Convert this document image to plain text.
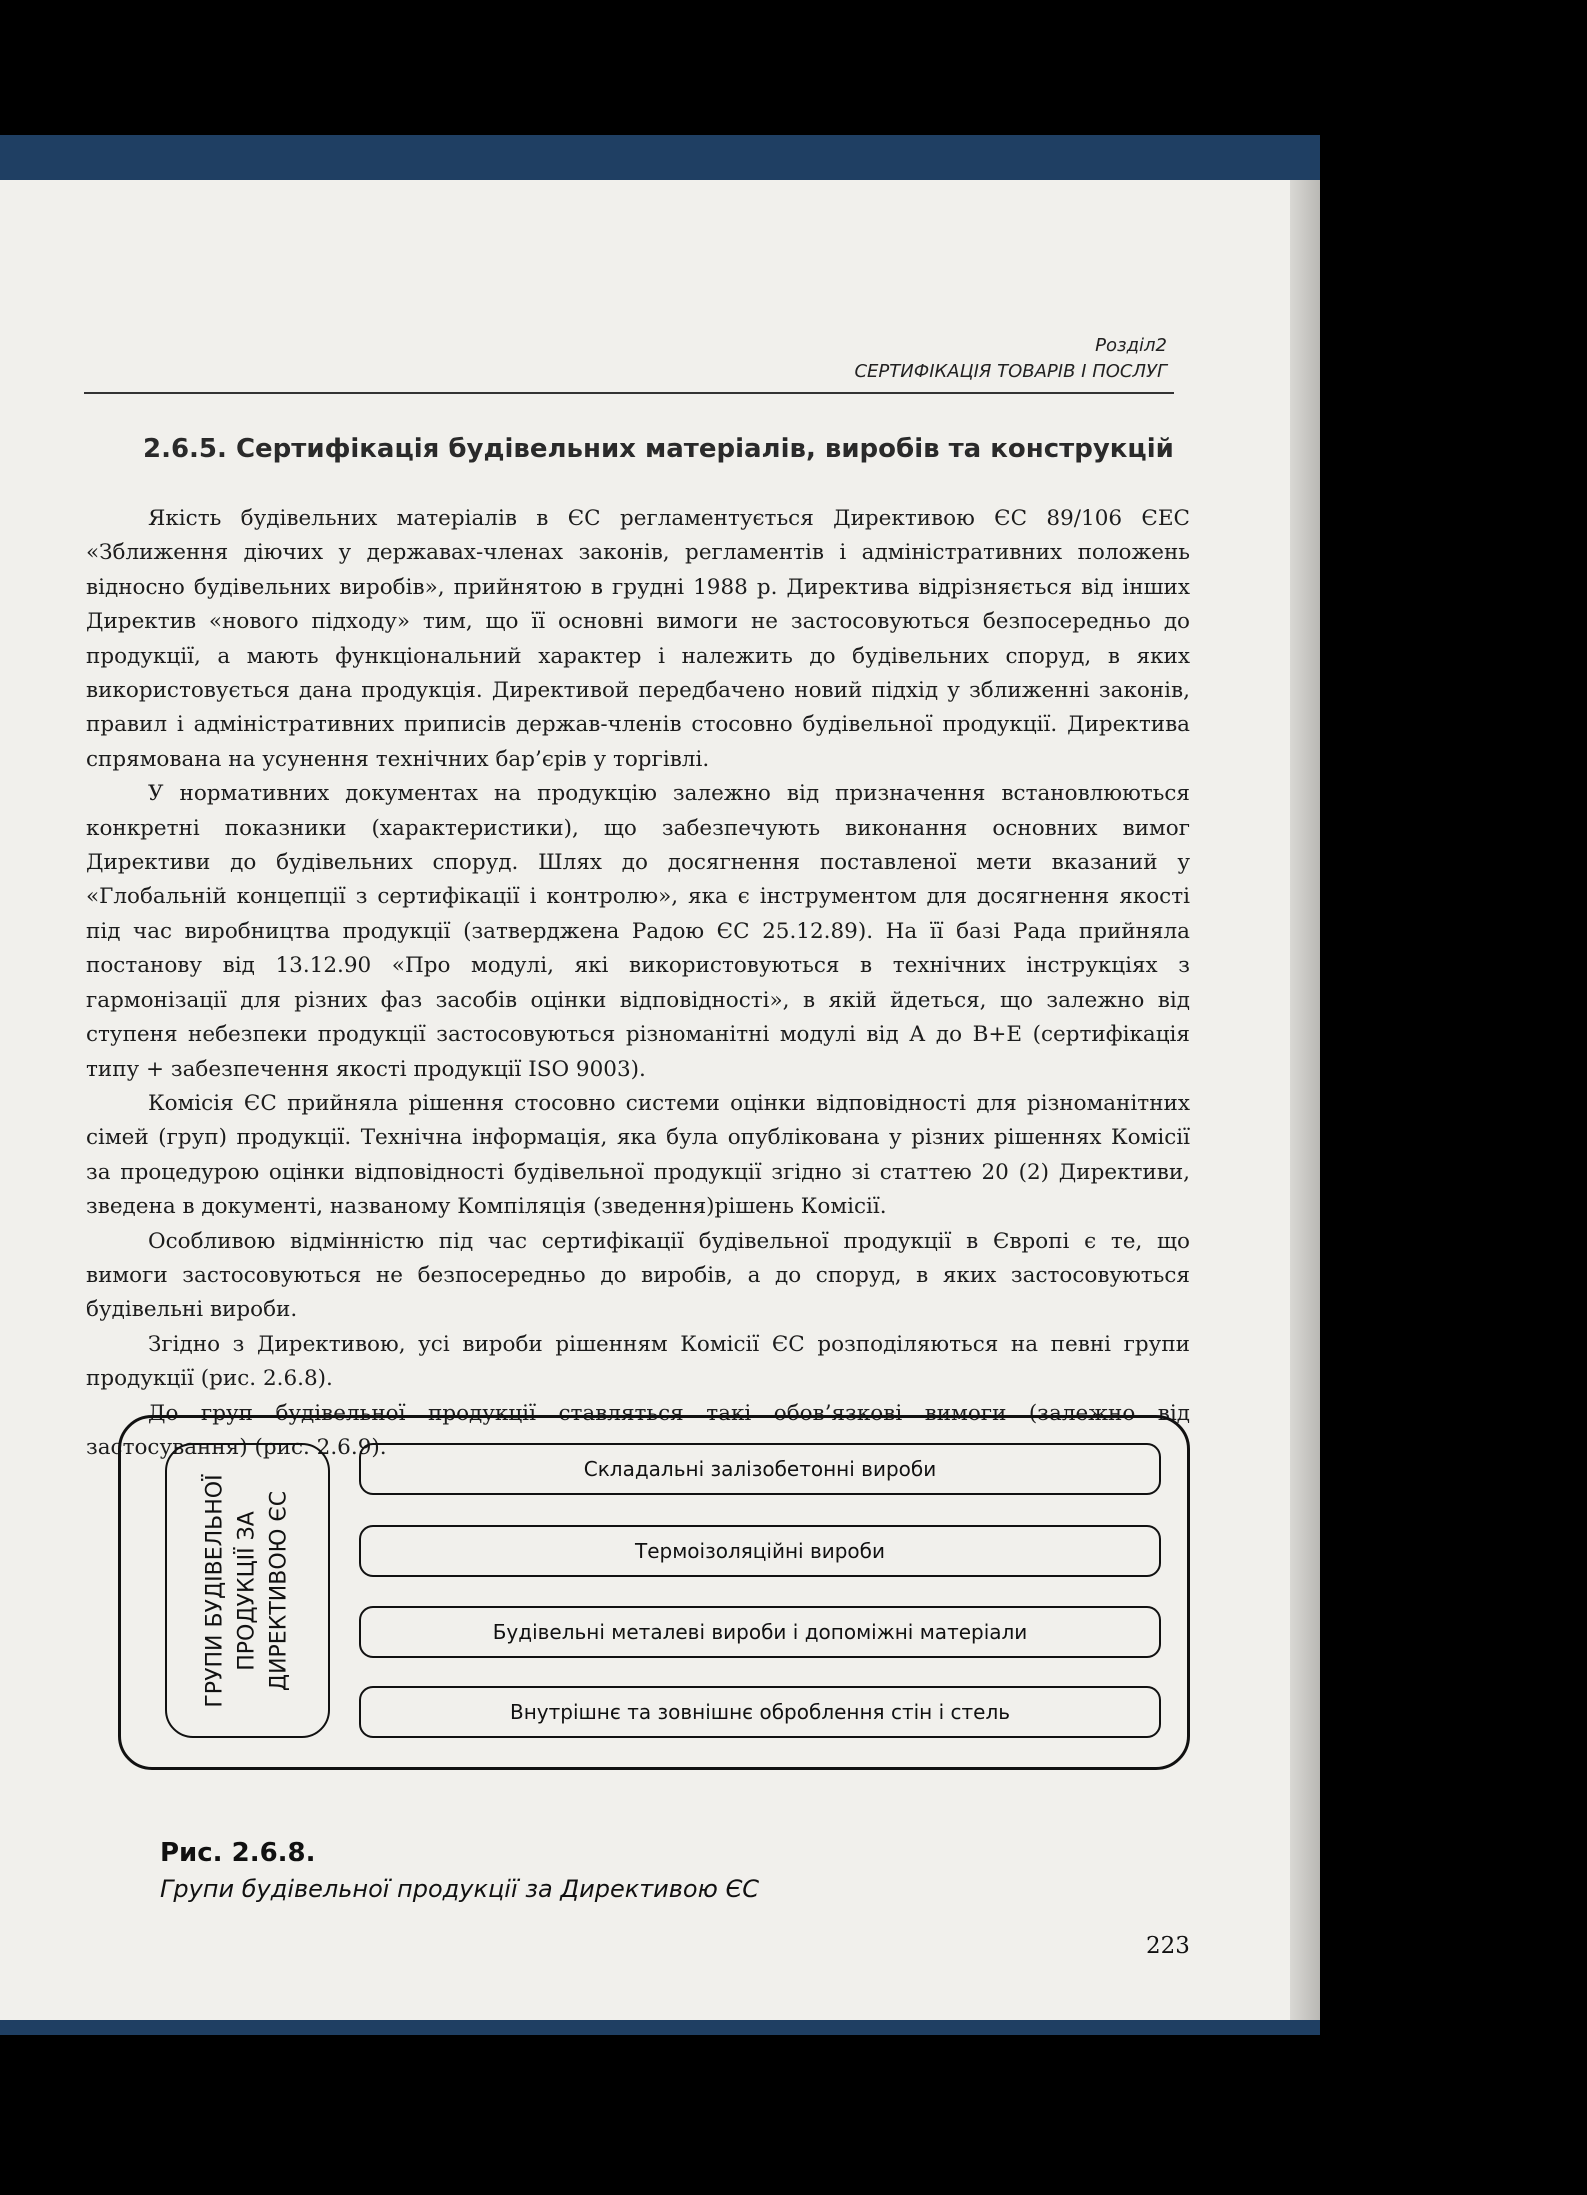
Розділ2
СЕРТИФІКАЦІЯ ТОВАРІВ І ПОСЛУГ
2.6.5. Сертифікація будівельних матеріалів, виробів та конструкцій

Якість будівельних матеріалів в ЄС регламентується Директивою ЄС 89/106 ЄЕС «Зближення діючих у державах-членах законів, регламентів і адміністративних положень відносно будівельних виробів», прийнятою в грудні 1988 р. Директива відрізняється від інших Директив «нового підходу» тим, що її основні вимоги не застосовуються безпосередньо до продукції, а мають функціональний характер і належить до будівельних споруд, в яких використовується дана продукція. Директивой передбачено новий підхід у зближенні законів, правил і адміністративних приписів держав-членів стосовно будівельної продукції. Директива спрямована на усунення технічних бар’єрів у торгівлі.

У нормативних документах на продукцію залежно від призначення встановлюються конкретні показники (характеристики), що забезпечують виконання основних вимог Директиви до будівельних споруд. Шлях до досягнення поставленої мети вказаний у «Глобальній концепції з сертифікації і контролю», яка є інструментом для досягнення якості під час виробництва продукції (затверджена Радою ЄС 25.12.89). На її базі Рада прийняла постанову від 13.12.90 «Про модулі, які використовуються в технічних інструкціях з гармонізації для різних фаз засобів оцінки відповідності», в якій йдеться, що залежно від ступеня небезпеки продукції застосовуються різноманітні модулі від А до В+Е (сертифікація типу + забезпечення якості продукції ISO 9003).

Комісія ЄС прийняла рішення стосовно системи оцінки відповідності для різноманітних сімей (груп) продукції. Технічна інформація, яка була опублікована у різних рішеннях Комісії за процедурою оцінки відповідності будівельної продукції згідно зі статтею 20 (2) Директиви, зведена в документі, названому Компіляція (зведення)рішень Комісії.

Особливою відмінністю під час сертифікації будівельної продукції в Європі є те, що вимоги застосовуються не безпосередньо до виробів, а до споруд, в яких застосовуються будівельні вироби.

Згідно з Директивою, усі вироби рішенням Комісії ЄС розподіляються на певні групи продукції (рис. 2.6.8).

До груп будівельної продукції ставляться такі обов’язкові вимоги (залежно від застосування) (рис. 2.6.9).

ГРУПИ БУДІВЕЛЬНОЇ ПРОДУКЦІЇ ЗА ДИРЕКТИВОЮ ЄС
Складальні залізобетонні вироби
Термоізоляційні вироби
Будівельні металеві вироби і допоміжні матеріали
Внутрішнє та зовнішнє оброблення стін і стель
Рис. 2.6.8.
Групи будівельної продукції за Директивою ЄС
223
